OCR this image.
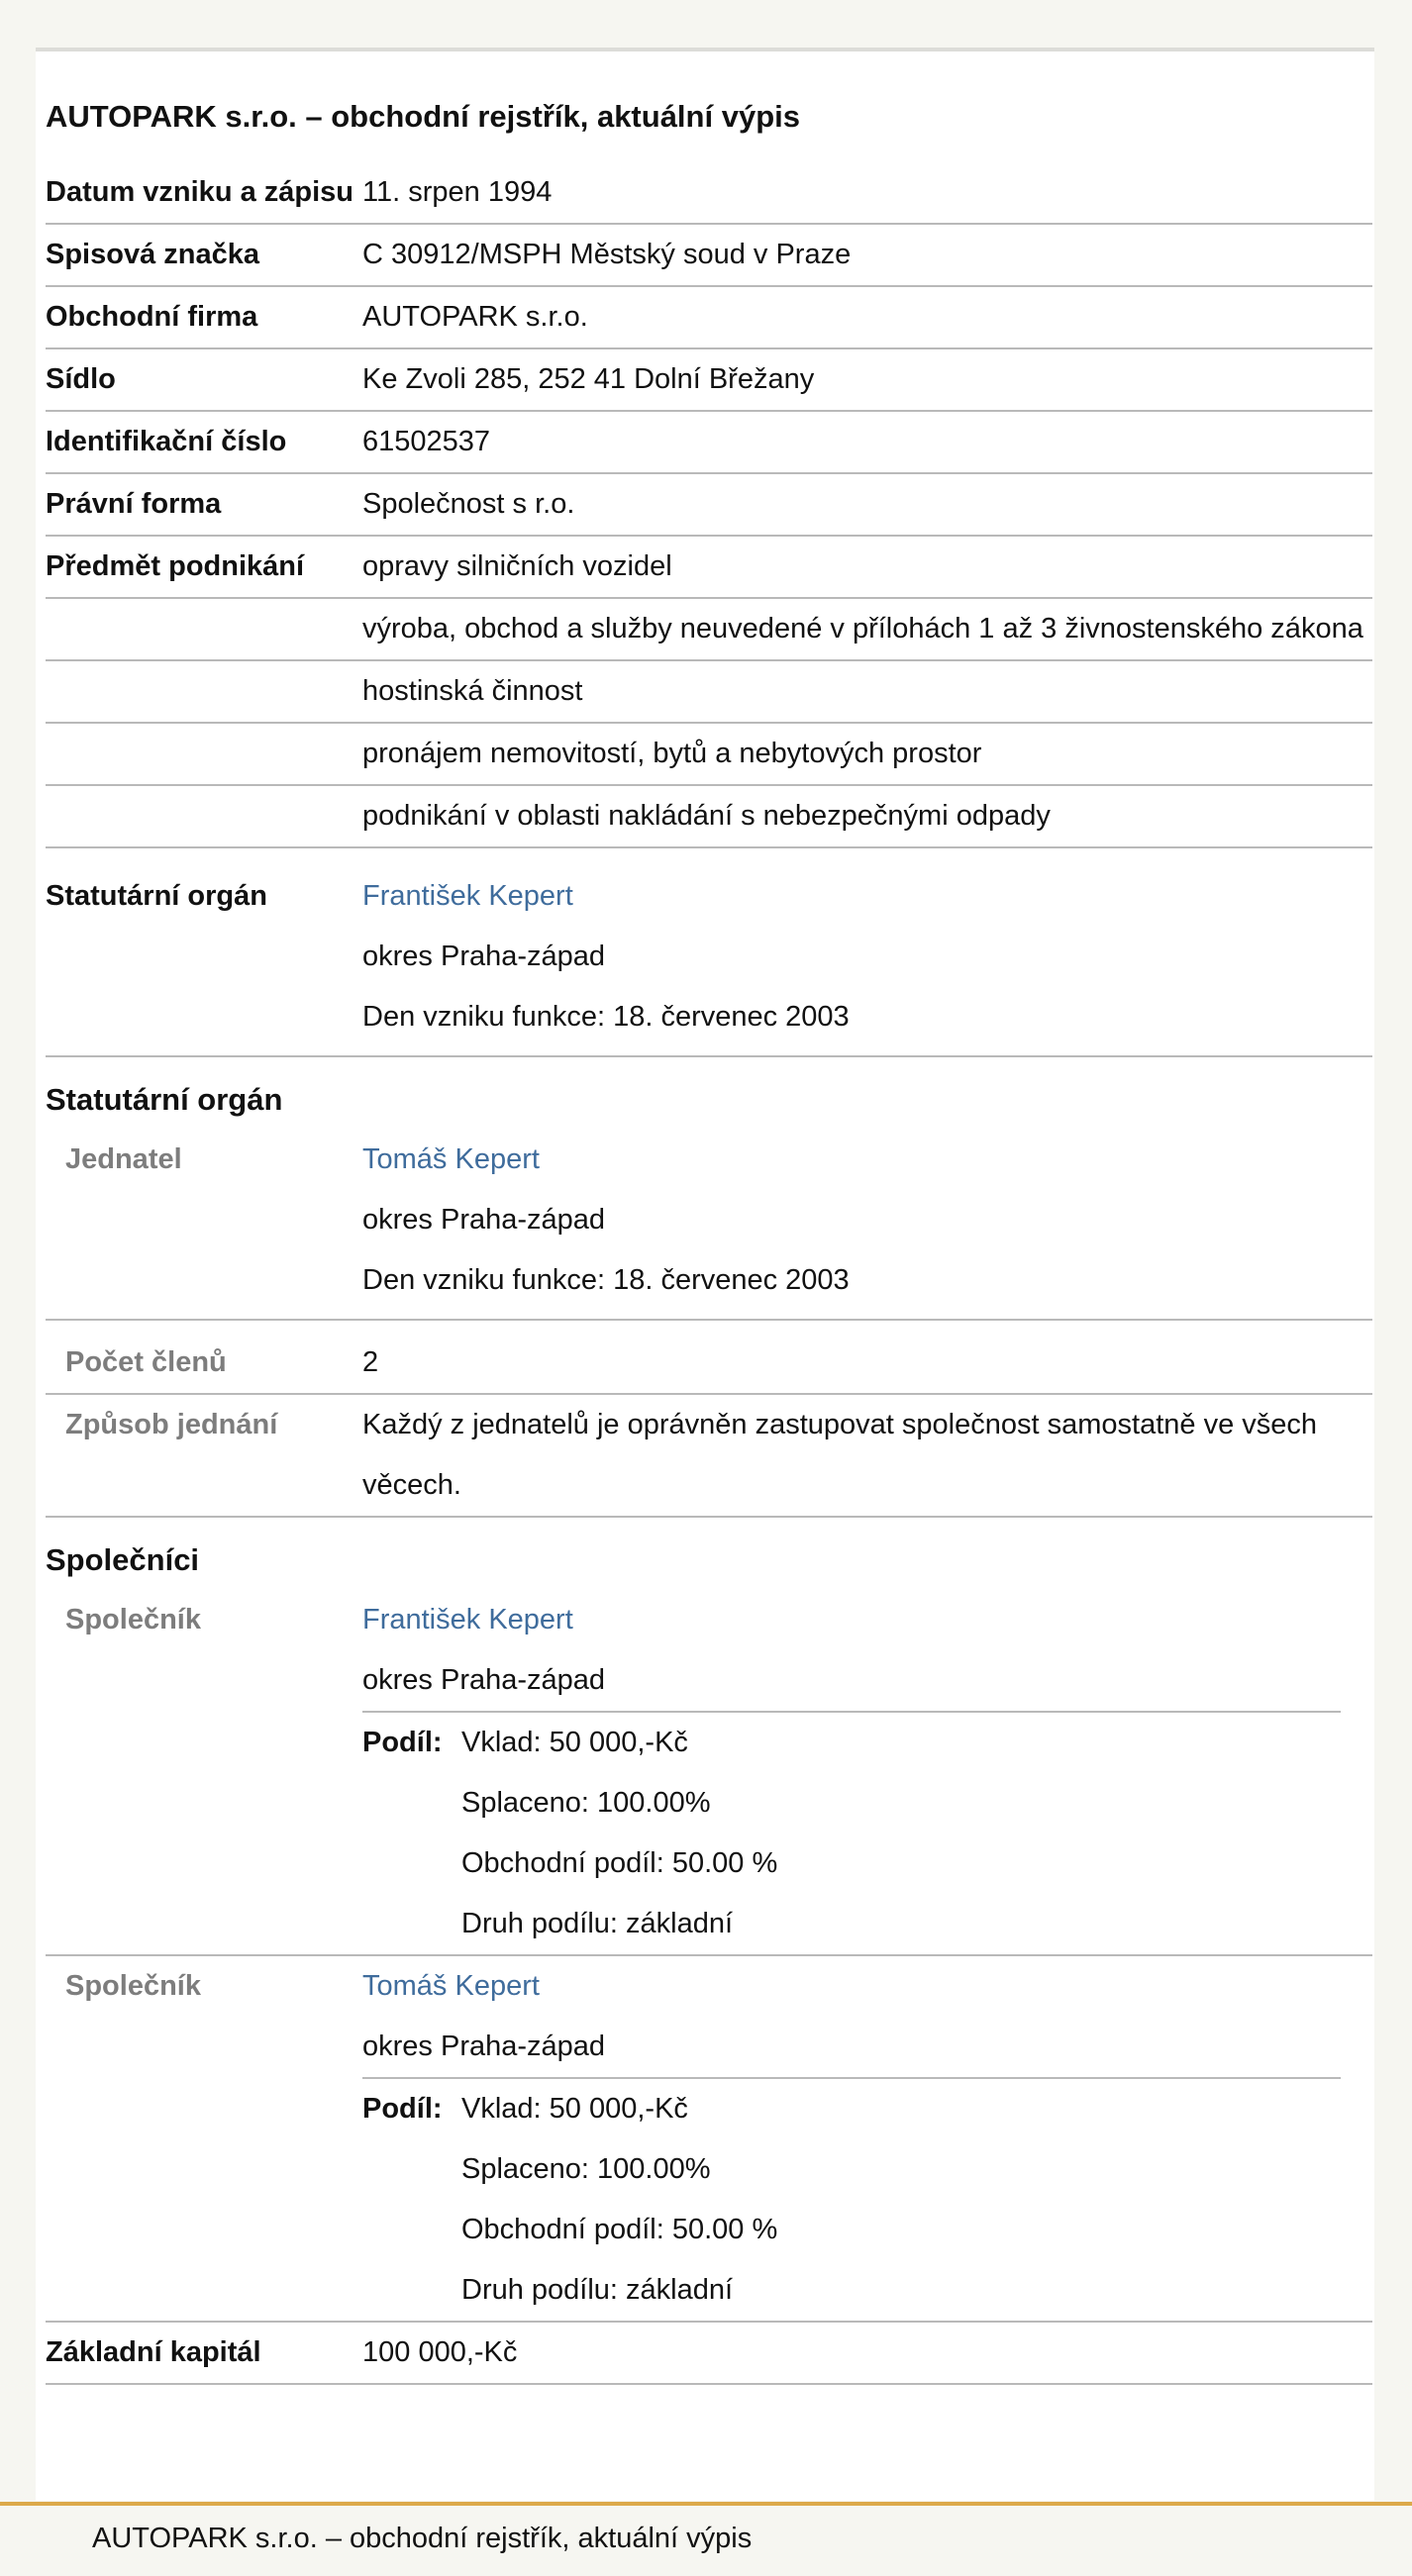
AUTOPARK s.r.o. – obchodní rejstřík, aktuální výpis
Datum vzniku a zápisu 11. srpen 1994
Spisová značka	C 30912/MSPH Městský soud v Praze
Obchodní firma	AUTOPARK s.r.o.
Sídlo	Ke Zvoli 285, 252 41 Dolní Břežany
Identifikační číslo	61502537
Právní forma	Společnost s r.o.
Předmět podnikání	opravy silničních vozidel
výroba, obchod a služby neuvedené v přílohách 1 až 3 živnostenského zákona
hostinská činnost
pronájem nemovitostí, bytů a nebytových prostor
podnikání v oblasti nakládání s nebezpečnými odpady
Statutární orgán	František Kepert
okres Praha-západ
Den vzniku funkce: 18. červenec 2003
Statutární orgán
Jednatel	Tomáš Kepert
okres Praha-západ
Den vzniku funkce: 18. červenec 2003
Počet členů	2
Způsob jednání	Každý z jednatelů je oprávněn zastupovat společnost samostatně ve všech věcech.
Společníci
Společník	František Kepert
okres Praha-západ
Podíl: Vklad: 50 000,-Kč
Splaceno: 100.00%
Obchodní podíl: 50.00 %
Druh podílu: základní
Společník	Tomáš Kepert
okres Praha-západ
Podíl: Vklad: 50 000,-Kč
Splaceno: 100.00%
Obchodní podíl: 50.00 %
Druh podílu: základní
Základní kapitál	100 000,-Kč
AUTOPARK s.r.o. – obchodní rejstřík, aktuální výpis
